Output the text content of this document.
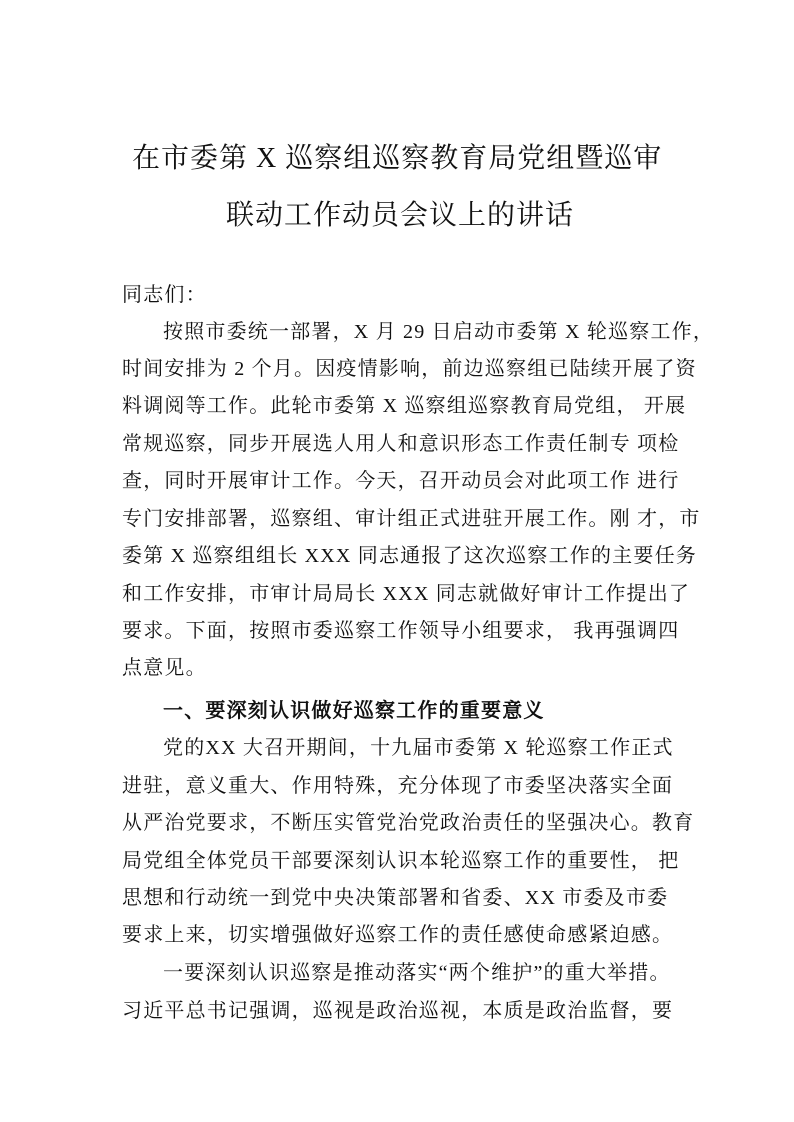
在市委第 X 巡察组巡察教育局党组暨巡审
联动工作动员会议上的讲话
同志们：
按照市委统一部署，X 月 29 日启动市委第 X 轮巡察工作，
时间安排为 2 个月。因疫情影响，前边巡察组已陆续开展了资
料调阅等工作。此轮市委第 X 巡察组巡察教育局党组， 开展
常规巡察，同步开展选人用人和意识形态工作责任制专 项检
查，同时开展审计工作。今天，召开动员会对此项工作 进行
专门安排部署，巡察组、审计组正式进驻开展工作。刚 才，市
委第 X 巡察组组长 XXX 同志通报了这次巡察工作的主要任务
和工作安排，市审计局局长 XXX 同志就做好审计工作提出了
要求。下面，按照市委巡察工作领导小组要求， 我再强调四
点意见。
一、要深刻认识做好巡察工作的重要意义
党的XX 大召开期间，十九届市委第 X 轮巡察工作正式
进驻，意义重大、作用特殊，充分体现了市委坚决落实全面
从严治党要求，不断压实管党治党政治责任的坚强决心。教育
局党组全体党员干部要深刻认识本轮巡察工作的重要性， 把
思想和行动统一到党中央决策部署和省委、XX 市委及市委
要求上来，切实增强做好巡察工作的责任感使命感紧迫感。
一要深刻认识巡察是推动落实“两个维护”的重大举措。
习近平总书记强调，巡视是政治巡视，本质是政治监督，要
